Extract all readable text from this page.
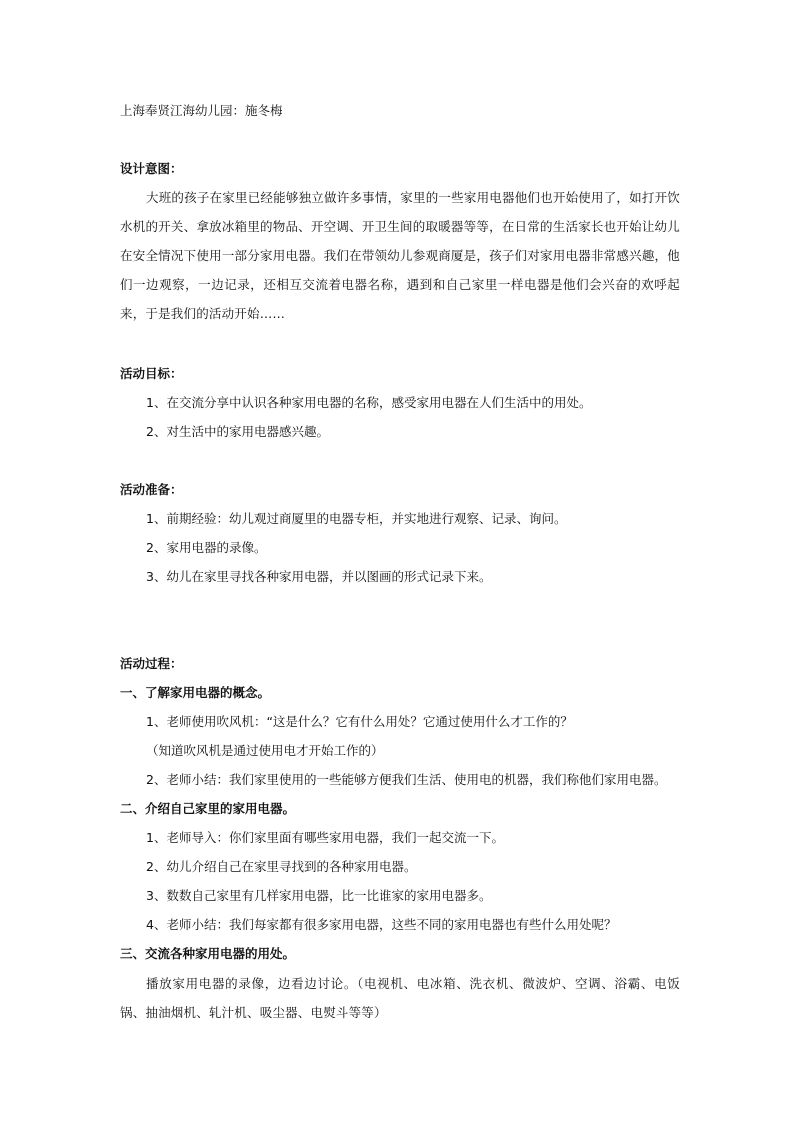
上海奉贤江海幼儿园：施冬梅
设计意图：
大班的孩子在家里已经能够独立做许多事情，家里的一些家用电器他们也开始使用了，如打开饮水机的开关、拿放冰箱里的物品、开空调、开卫生间的取暖器等等，在日常的生活家长也开始让幼儿在安全情况下使用一部分家用电器。我们在带领幼儿参观商厦是，孩子们对家用电器非常感兴趣，他们一边观察，一边记录，还相互交流着电器名称，遇到和自己家里一样电器是他们会兴奋的欢呼起来，于是我们的活动开始……
活动目标：
1、在交流分享中认识各种家用电器的名称，感受家用电器在人们生活中的用处。
2、对生活中的家用电器感兴趣。
活动准备：
1、前期经验：幼儿观过商厦里的电器专柜，并实地进行观察、记录、询问。
2、家用电器的录像。
3、幼儿在家里寻找各种家用电器，并以图画的形式记录下来。
活动过程：
一、了解家用电器的概念。
1、老师使用吹风机：“这是什么？它有什么用处？它通过使用什么才工作的？
（知道吹风机是通过使用电才开始工作的）
2、老师小结：我们家里使用的一些能够方便我们生活、使用电的机器，我们称他们家用电器。
二、介绍自己家里的家用电器。
1、老师导入：你们家里面有哪些家用电器，我们一起交流一下。
2、幼儿介绍自己在家里寻找到的各种家用电器。
3、数数自己家里有几样家用电器，比一比谁家的家用电器多。
4、老师小结：我们每家都有很多家用电器，这些不同的家用电器也有些什么用处呢？
三、交流各种家用电器的用处。
播放家用电器的录像，边看边讨论。（电视机、电冰箱、洗衣机、微波炉、空调、浴霸、电饭锅、抽油烟机、轧汁机、吸尘器、电熨斗等等）
